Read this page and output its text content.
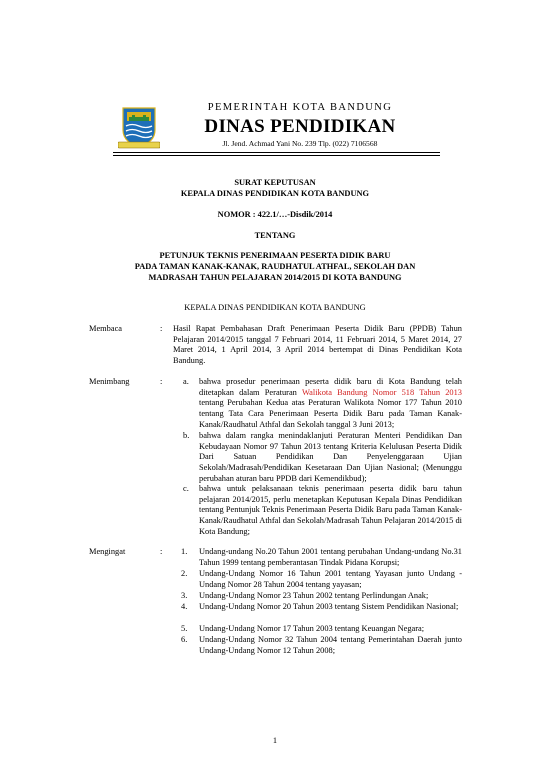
PEMERINTAH KOTA BANDUNG
DINAS PENDIDIKAN
Jl. Jend. Achmad Yani No. 239 Tlp. (022) 7106568
SURAT KEPUTUSAN
KEPALA DINAS PENDIDIKAN KOTA BANDUNG
NOMOR : 422.1/…-Disdik/2014
TENTANG
PETUNJUK TEKNIS PENERIMAAN PESERTA DIDIK BARU
PADA TAMAN KANAK-KANAK, RAUDHATUL ATHFAL, SEKOLAH DAN
MADRASAH TAHUN PELAJARAN 2014/2015 DI KOTA BANDUNG
KEPALA DINAS PENDIDIKAN KOTA BANDUNG
Membaca	: Hasil Rapat Pembahasan Draft Penerimaan Peserta Didik Baru (PPDB) Tahun Pelajaran 2014/2015 tanggal 7 Februari 2014, 11 Februari 2014, 5 Maret 2014, 27 Maret 2014, 1 April 2014, 3 April 2014 bertempat di Dinas Pendidikan Kota Bandung.
Menimbang	: a. bahwa prosedur penerimaan peserta didik baru di Kota Bandung telah ditetapkan dalam Peraturan Walikota Bandung Nomor 518 Tahun 2013 tentang Perubahan Kedua atas Peraturan Walikota Nomor 177 Tahun 2010 tentang Tata Cara Penerimaan Peserta Didik Baru pada Taman Kanak-Kanak/Raudhatul Athfal dan Sekolah tanggal 3 Juni 2013;
b. bahwa dalam rangka menindaklanjuti Peraturan Menteri Pendidikan Dan Kebudayaan Nomor 97 Tahun 2013 tentang Kriteria Kelulusan Peserta Didik Dari Satuan Pendidikan Dan Penyelenggaraan Ujian Sekolah/Madrasah/Pendidikan Kesetaraan Dan Ujian Nasional; (Menunggu perubahan aturan baru PPDB dari Kemendikbud);
c. bahwa untuk pelaksanaan teknis penerimaan peserta didik baru tahun pelajaran 2014/2015, perlu menetapkan Keputusan Kepala Dinas Pendidikan tentang Pentunjuk Teknis Penerimaan Peserta Didik Baru pada Taman Kanak-Kanak/Raudhatul Athfal dan Sekolah/Madrasah Tahun Pelajaran 2014/2015 di Kota Bandung;
Mengingat	: 1. Undang-undang No.20 Tahun 2001 tentang perubahan Undang-undang No.31 Tahun 1999 tentang pemberantasan Tindak Pidana Korupsi;
2. Undang-Undang Nomor 16 Tahun 2001 tentang Yayasan junto Undang - Undang Nomor 28 Tahun 2004 tentang yayasan;
3. Undang-Undang Nomor 23 Tahun 2002 tentang Perlindungan Anak;
4. Undang-Undang Nomor 20 Tahun 2003 tentang Sistem Pendidikan Nasional;
5. Undang-Undang Nomor 17 Tahun 2003 tentang Keuangan Negara;
6. Undang-Undang Nomor 32 Tahun 2004 tentang Pemerintahan Daerah junto Undang-Undang Nomor 12 Tahun 2008;
1
